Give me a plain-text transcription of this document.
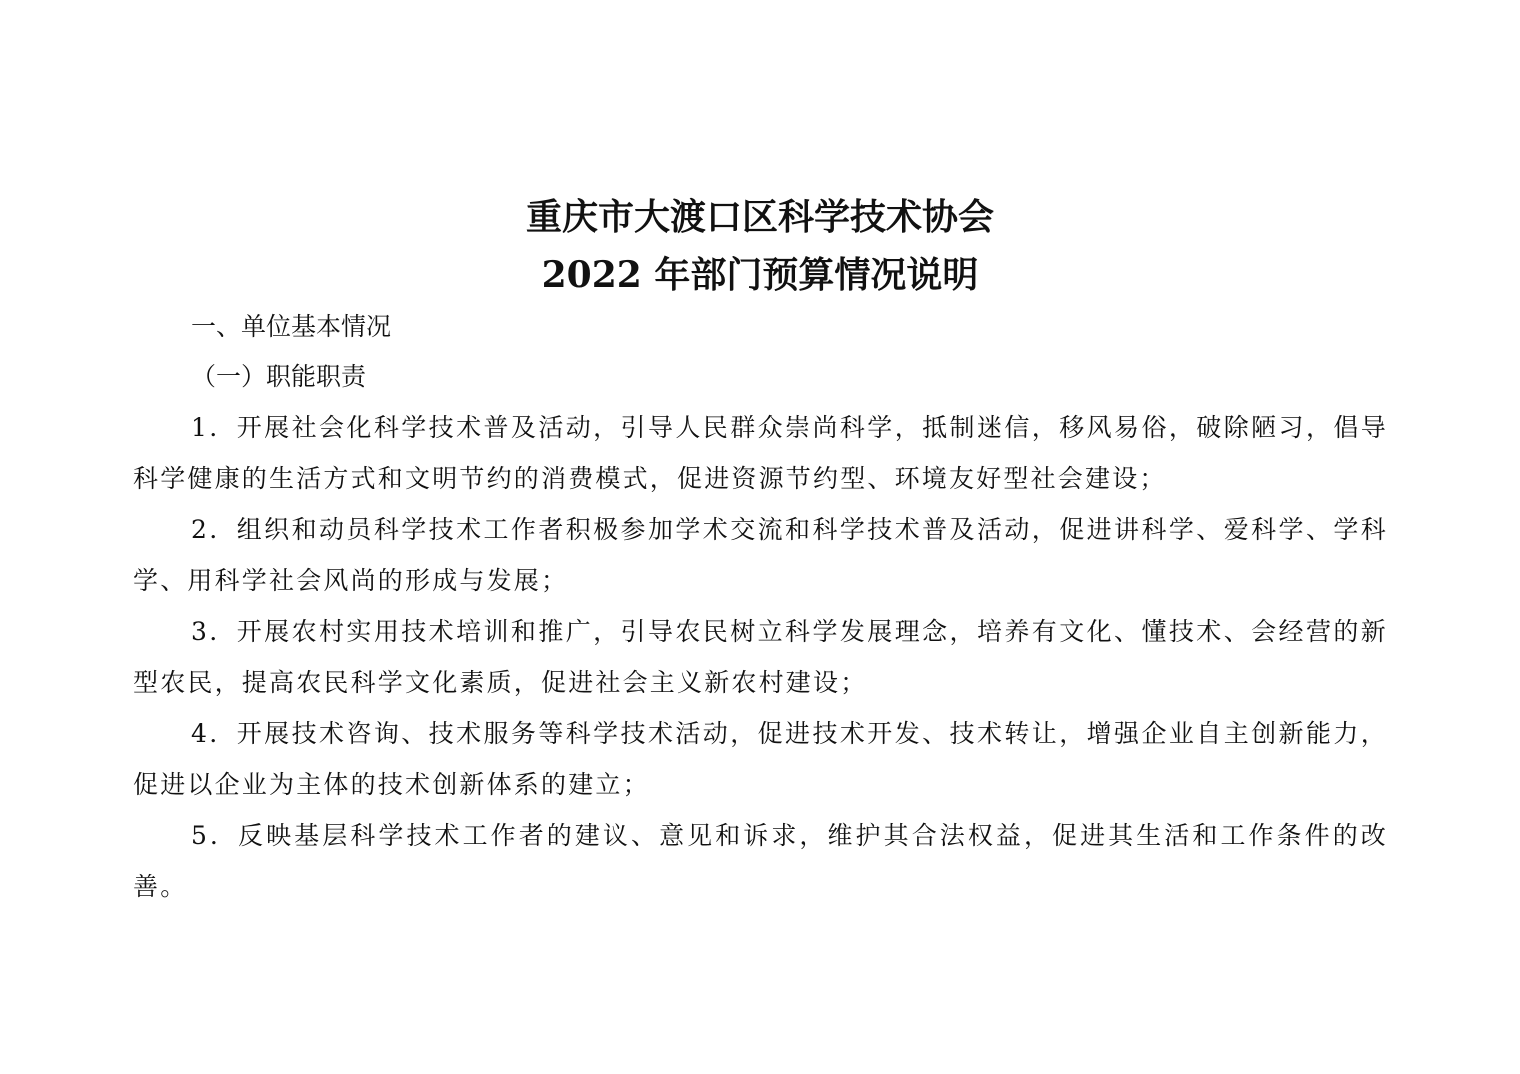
重庆市大渡口区科学技术协会
2022 年部门预算情况说明
一、单位基本情况
（一）职能职责

1．开展社会化科学技术普及活动，引导人民群众崇尚科学，抵制迷信，移风易俗，破除陋习，倡导科学健康的生活方式和文明节约的消费模式，促进资源节约型、环境友好型社会建设；

2．组织和动员科学技术工作者积极参加学术交流和科学技术普及活动，促进讲科学、爱科学、学科学、用科学社会风尚的形成与发展；

3．开展农村实用技术培训和推广，引导农民树立科学发展理念，培养有文化、懂技术、会经营的新型农民，提高农民科学文化素质，促进社会主义新农村建设；

4．开展技术咨询、技术服务等科学技术活动，促进技术开发、技术转让，增强企业自主创新能力，促进以企业为主体的技术创新体系的建立；

5．反映基层科学技术工作者的建议、意见和诉求，维护其合法权益，促进其生活和工作条件的改善。
